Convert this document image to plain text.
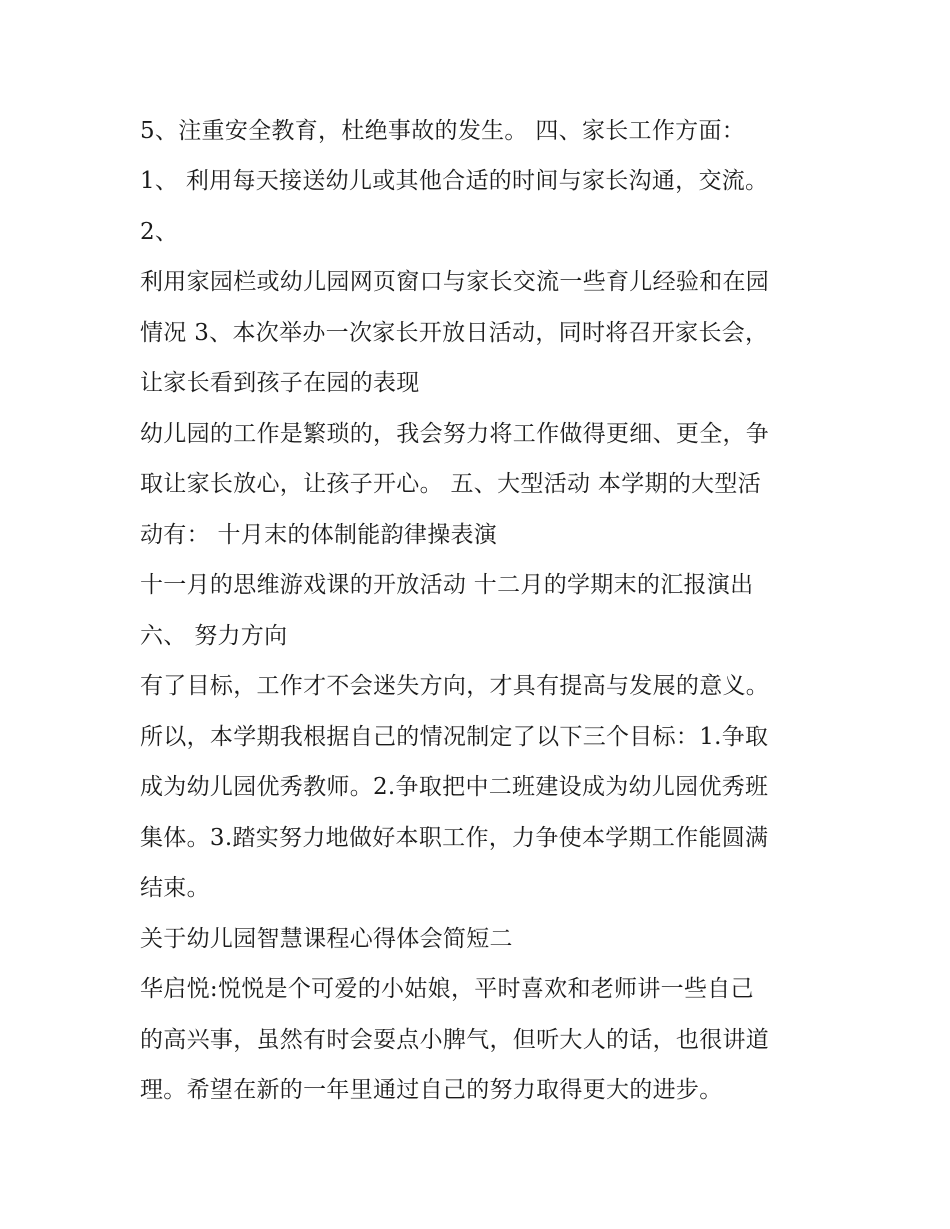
5、注重安全教育，杜绝事故的发生。 四、家长工作方面：
1、 利用每天接送幼儿或其他合适的时间与家长沟通，交流。
2、
利用家园栏或幼儿园网页窗口与家长交流一些育儿经验和在园
情况 3、本次举办一次家长开放日活动，同时将召开家长会，
让家长看到孩子在园的表现
幼儿园的工作是繁琐的，我会努力将工作做得更细、更全，争
取让家长放心，让孩子开心。 五、大型活动 本学期的大型活
动有： 十月末的体制能韵律操表演
十一月的思维游戏课的开放活动 十二月的学期末的汇报演出
六、 努力方向
有了目标，工作才不会迷失方向，才具有提高与发展的意义。
所以，本学期我根据自己的情况制定了以下三个目标：1.争取
成为幼儿园优秀教师。2.争取把中二班建设成为幼儿园优秀班
集体。3.踏实努力地做好本职工作，力争使本学期工作能圆满
结束。
关于幼儿园智慧课程心得体会简短二
华启悦:悦悦是个可爱的小姑娘，平时喜欢和老师讲一些自己
的高兴事，虽然有时会耍点小脾气，但听大人的话，也很讲道
理。希望在新的一年里通过自己的努力取得更大的进步。
